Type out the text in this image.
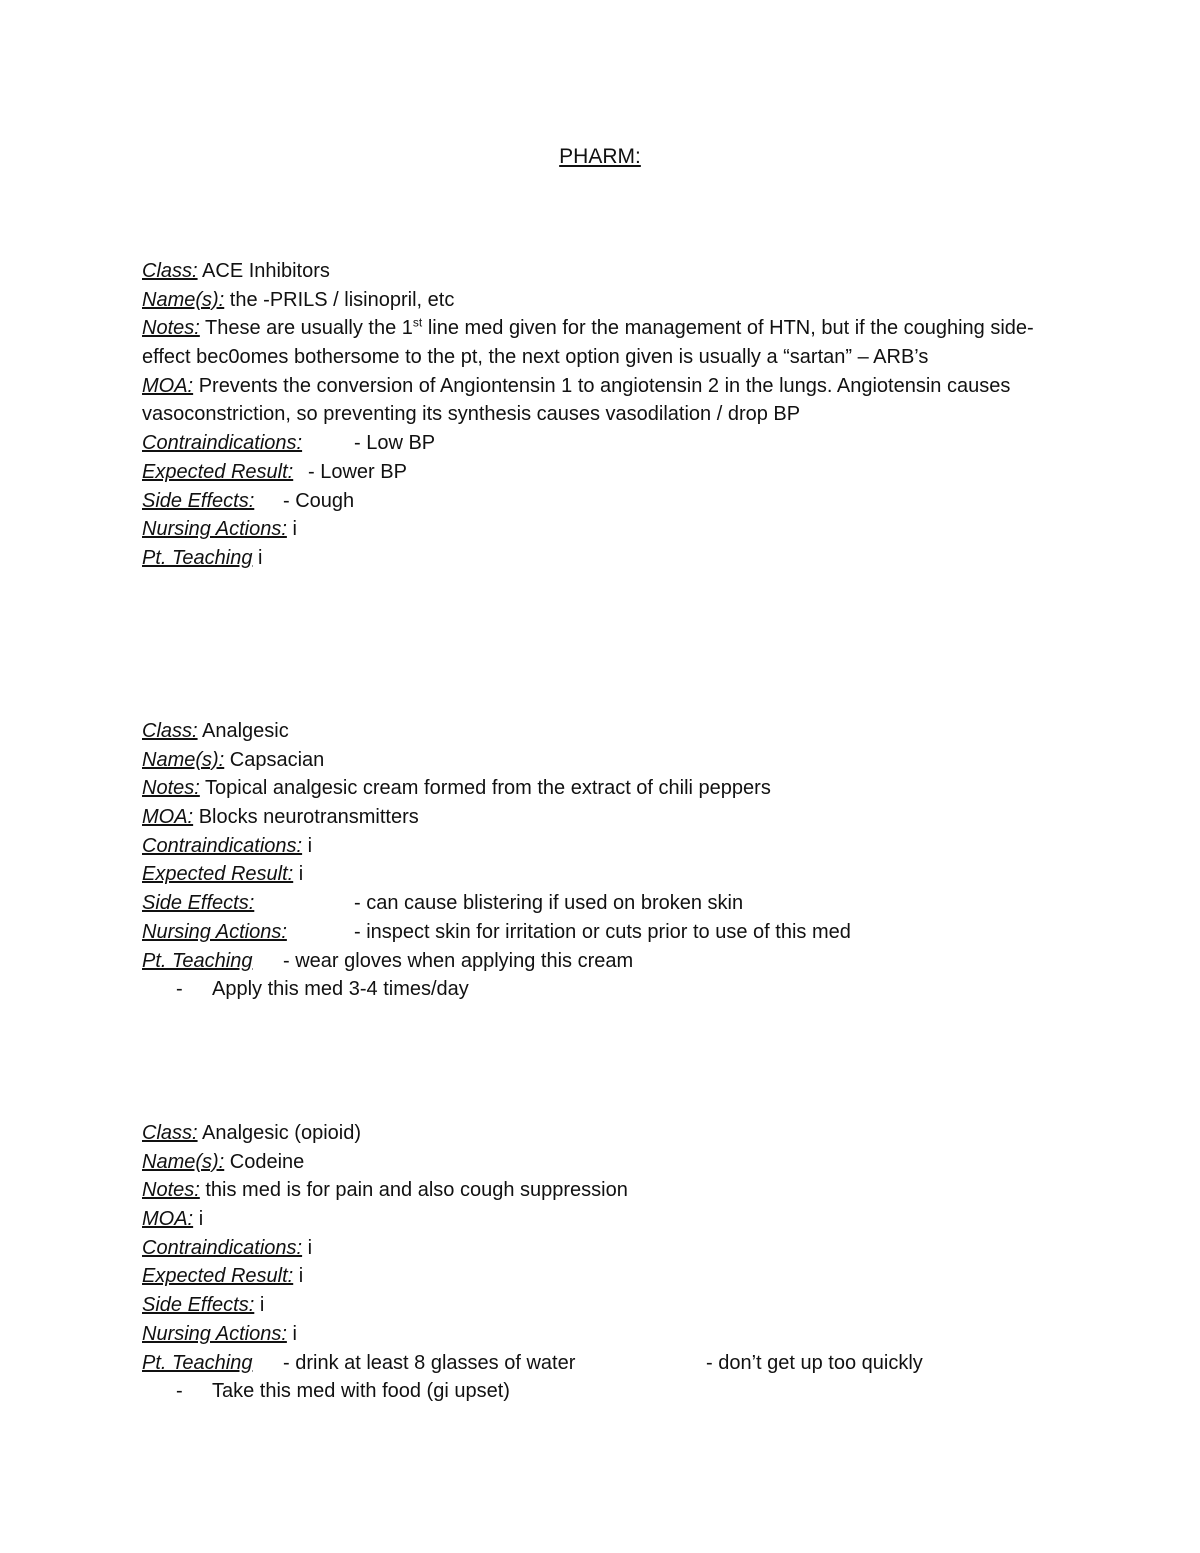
PHARM:
Class: ACE Inhibitors
Name(s): the -PRILS / lisinopril, etc
Notes: These are usually the 1st line med given for the management of HTN, but if the coughing side-effect bec0omes bothersome to the pt, the next option given is usually a “sartan” – ARB’s
MOA: Prevents the conversion of Angiontensin 1 to angiotensin 2 in the lungs. Angiotensin causes vasoconstriction, so preventing its synthesis causes vasodilation / drop BP
Contraindications:	- Low BP
Expected Result: - Lower BP
Side Effects: - Cough
Nursing Actions: i
Pt. Teaching i
Class: Analgesic
Name(s): Capsacian
Notes: Topical analgesic cream formed from the extract of chili peppers
MOA: Blocks neurotransmitters
Contraindications: i
Expected Result: i
Side Effects:	- can cause blistering if used on broken skin
Nursing Actions:	- inspect skin for irritation or cuts prior to use of this med
Pt. Teaching - wear gloves when applying this cream
- Apply this med 3-4 times/day
Class: Analgesic (opioid)
Name(s): Codeine
Notes: this med is for pain and also cough suppression
MOA: i
Contraindications: i
Expected Result: i
Side Effects: i
Nursing Actions: i
Pt. Teaching - drink at least 8 glasses of water	- don’t get up too quickly
- Take this med with food (gi upset)
